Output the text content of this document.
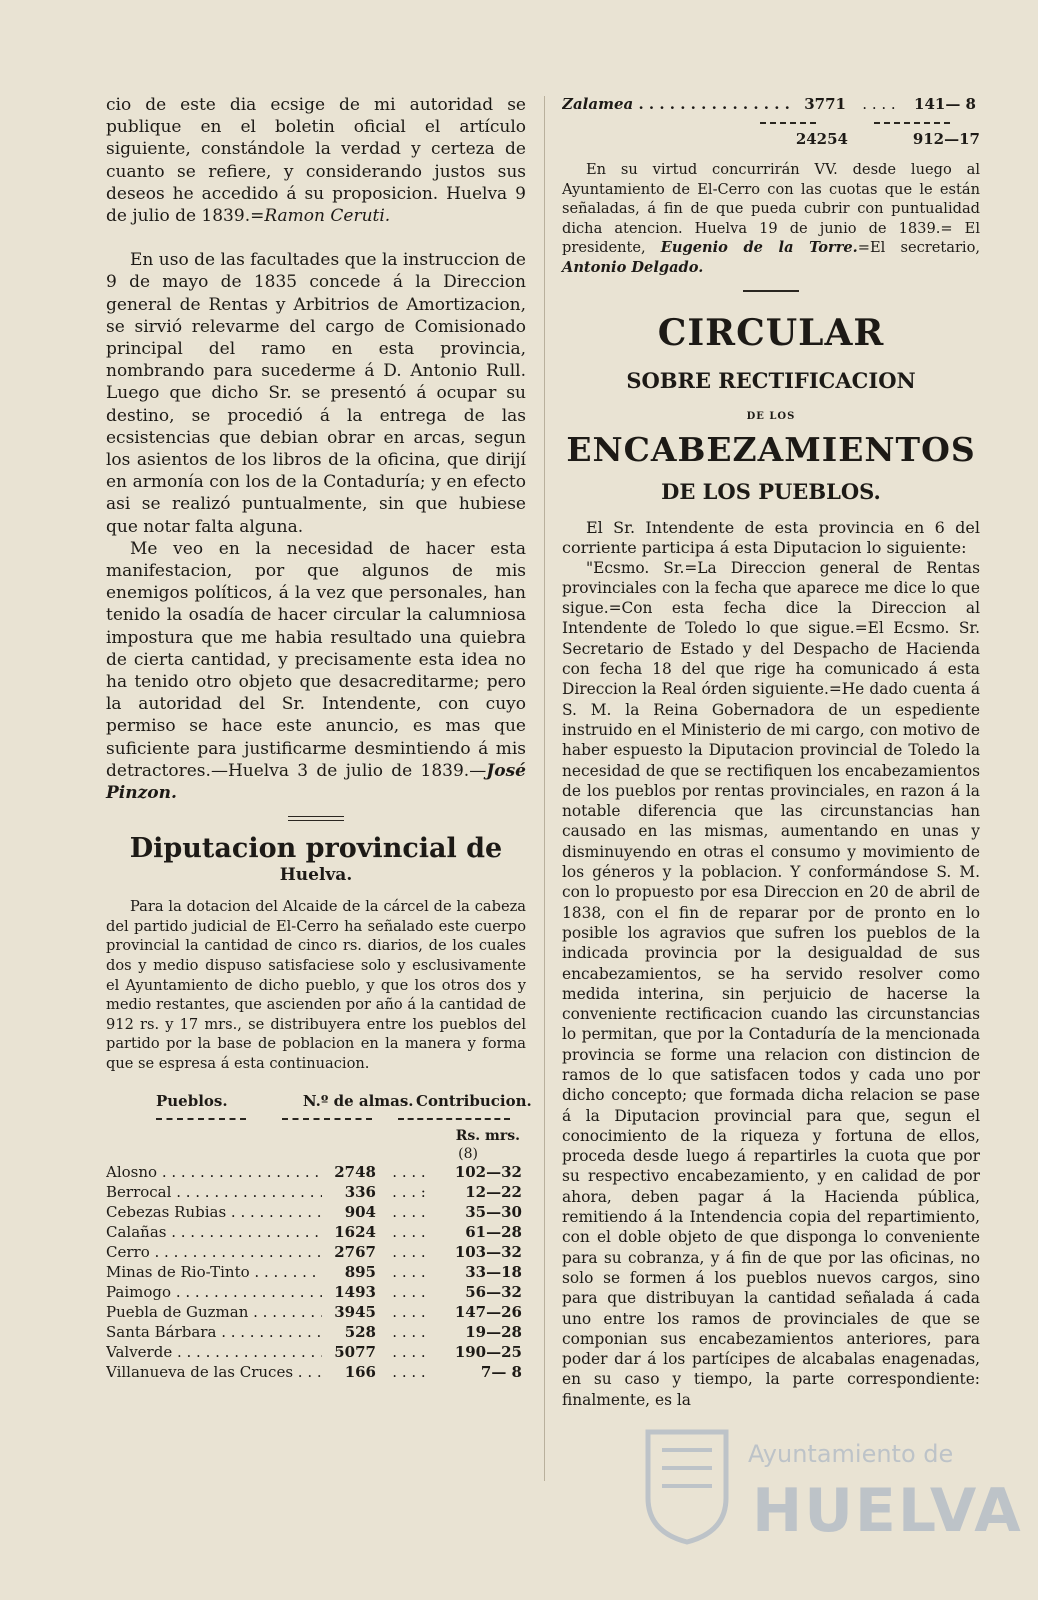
cio de este dia ecsige de mi autoridad se publique en el boletin oficial el artículo siguiente, constándole la verdad y certeza de cuanto se refiere, y considerando justos sus deseos he accedido á su proposicion. Huelva 9 de julio de 1839.=Ramon Ceruti.

En uso de las facultades que la instruccion de 9 de mayo de 1835 concede á la Direccion general de Rentas y Arbitrios de Amortizacion, se sirvió relevarme del cargo de Comisionado principal del ramo en esta provincia, nombrando para sucederme á D. Antonio Rull. Luego que dicho Sr. se presentó á ocupar su destino, se procedió á la entrega de las ecsistencias que debian obrar en arcas, segun los asientos de los libros de la oficina, que dirijí en armonía con los de la Contaduría; y en efecto asi se realizó puntualmente, sin que hubiese que notar falta alguna.

Me veo en la necesidad de hacer esta manifestacion, por que algunos de mis enemigos políticos, á la vez que personales, han tenido la osadía de hacer circular la calumniosa impostura que me habia resultado una quiebra de cierta cantidad, y precisamente esta idea no ha tenido otro objeto que desacreditarme; pero la autoridad del Sr. Intendente, con cuyo permiso se hace este anuncio, es mas que suficiente para justificarme desmintiendo á mis detractores.—Huelva 3 de julio de 1839.—José Pinzon.

Diputacion provincial de
Huelva.

Para la dotacion del Alcaide de la cárcel de la cabeza del partido judicial de El-Cerro ha señalado este cuerpo provincial la cantidad de cinco rs. diarios, de los cuales dos y medio dispuso satisfaciese solo y esclusivamente el Ayuntamiento de dicho pueblo, y que los otros dos y medio restantes, que ascienden por año á la cantidad de 912 rs. y 17 mrs., se distribuyera entre los pueblos del partido por la base de poblacion en la manera y forma que se espresa á esta continuacion.

Pueblos.	N.º de almas. Contribucion.
Rs. mrs.
(8)
Alosno . . .	2748	. . . .	102—32
Berrocal . . .	336	. . . :	12—22
Cebezas Rubias . . .	904	. . . .	35—30
Calañas . . .	1624	. . . .	61—28
Cerro . . .	2767	. . . .	103—32
Minas de Rio-Tinto . . .	895	. . . .	33—18
Paimogo . . .	1493	. . . .	56—32
Puebla de Guzman . . .	3945	. . . .	147—26
Santa Bárbara . . .	528	. . . .	19—28
Valverde . . .	5077	. . . .	190—25
Villanueva de las Cruces . . .	166	. . . .	7— 8
Zalamea . . .	3771	. . . .	141— 8
24254	912—17

En su virtud concurrirán VV. desde luego al Ayuntamiento de El-Cerro con las cuotas que le están señaladas, á fin de que pueda cubrir con puntualidad dicha atencion. Huelva 19 de junio de 1839.= El presidente, Eugenio de la Torre.=El secretario, Antonio Delgado.

CIRCULAR
SOBRE RECTIFICACION
DE LOS
ENCABEZAMIENTOS
DE LOS PUEBLOS.

El Sr. Intendente de esta provincia en 6 del corriente participa á esta Diputacion lo siguiente:

"Ecsmo. Sr.=La Direccion general de Rentas provinciales con la fecha que aparece me dice lo que sigue.=Con esta fecha dice la Direccion al Intendente de Toledo lo que sigue.=El Ecsmo. Sr. Secretario de Estado y del Despacho de Hacienda con fecha 18 del que rige ha comunicado á esta Direccion la Real órden siguiente.=He dado cuenta á S. M. la Reina Gobernadora de un espediente instruido en el Ministerio de mi cargo, con motivo de haber espuesto la Diputacion provincial de Toledo la necesidad de que se rectifiquen los encabezamientos de los pueblos por rentas provinciales, en razon á la notable diferencia que las circunstancias han causado en las mismas, aumentando en unas y disminuyendo en otras el consumo y movimiento de los géneros y la poblacion. Y conformándose S. M. con lo propuesto por esa Direccion en 20 de abril de 1838, con el fin de reparar por de pronto en lo posible los agravios que sufren los pueblos de la indicada provincia por la desigualdad de sus encabezamientos, se ha servido resolver como medida interina, sin perjuicio de hacerse la conveniente rectificacion cuando las circunstancias lo permitan, que por la Contaduría de la mencionada provincia se forme una relacion con distincion de ramos de lo que satisfacen todos y cada uno por dicho concepto; que formada dicha relacion se pase á la Diputacion provincial para que, segun el conocimiento de la riqueza y fortuna de ellos, proceda desde luego á repartirles la cuota que por su respectivo encabezamiento, y en calidad de por ahora, deben pagar á la Hacienda pública, remitiendo á la Intendencia copia del repartimiento, con el doble objeto de que disponga lo conveniente para su cobranza, y á fin de que por las oficinas, no solo se formen á los pueblos nuevos cargos, sino para que distribuyan la cantidad señalada á cada uno entre los ramos de provinciales de que se componian sus encabezamientos anteriores, para poder dar á los partícipes de alcabalas enagenadas, en su caso y tiempo, la parte correspondiente: finalmente, es la

Ayuntamiento de
HUELVA
